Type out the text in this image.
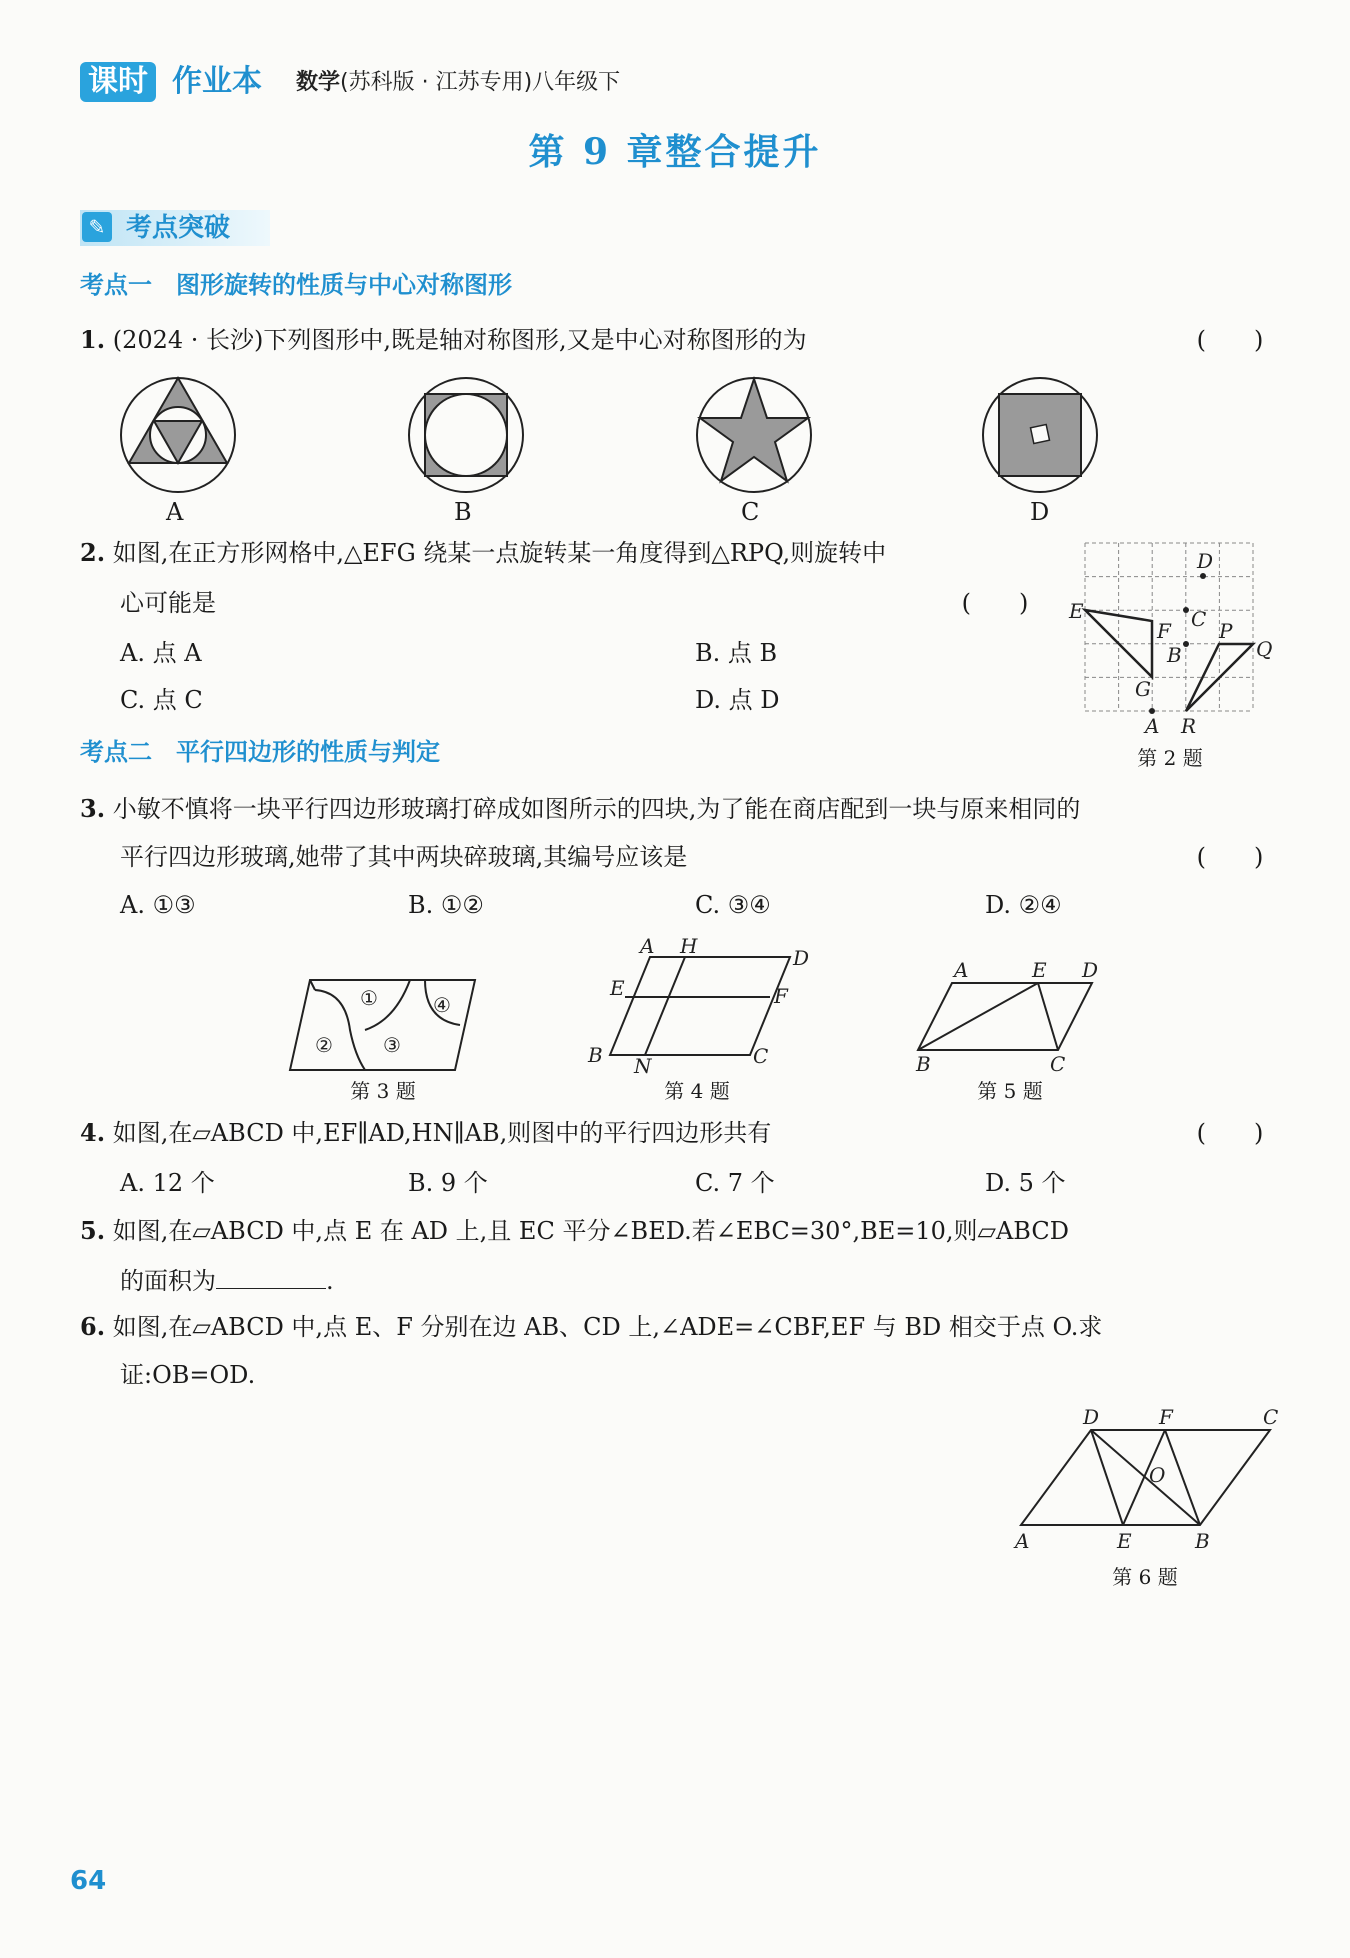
课时 作业本 数学(苏科版 · 江苏专用)八年级下
第 9 章整合提升
✎ 考点突破
考点一　图形旋转的性质与中心对称图形
1. (2024 · 长沙)下列图形中,既是轴对称图形,又是中心对称图形的为	(　　)
A	B	C	D
2. 如图,在正方形网格中,△EFG 绕某一点旋转某一角度得到△RPQ,则旋转中
心可能是	(　　)
A. 点 A	B. 点 B
C. 点 C	D. 点 D
D
C
E
F
B
P
Q
G
A R
第 2 题
考点二　平行四边形的性质与判定
3. 小敏不慎将一块平行四边形玻璃打碎成如图所示的四块,为了能在商店配到一块与原来相同的
平行四边形玻璃,她带了其中两块碎玻璃,其编号应该是	(　　)
A. ①③	B. ①②	C. ③④	D. ②④
①
②	③
④
第 3 题
A H	D
E	F
B N	C
第 4 题
A	E D
B	C
第 5 题
4. 如图,在▱ABCD 中,EF∥AD,HN∥AB,则图中的平行四边形共有	(　　)
A. 12 个	B. 9 个	C. 7 个	D. 5 个
5. 如图,在▱ABCD 中,点 E 在 AD 上,且 EC 平分∠BED.若∠EBC=30°,BE=10,则▱ABCD
的面积为	.
6. 如图,在▱ABCD 中,点 E、F 分别在边 AB、CD 上,∠ADE=∠CBF,EF 与 BD 相交于点 O.求
证:OB=OD.
D	F	C
O
A	E	B
第 6 题
64
